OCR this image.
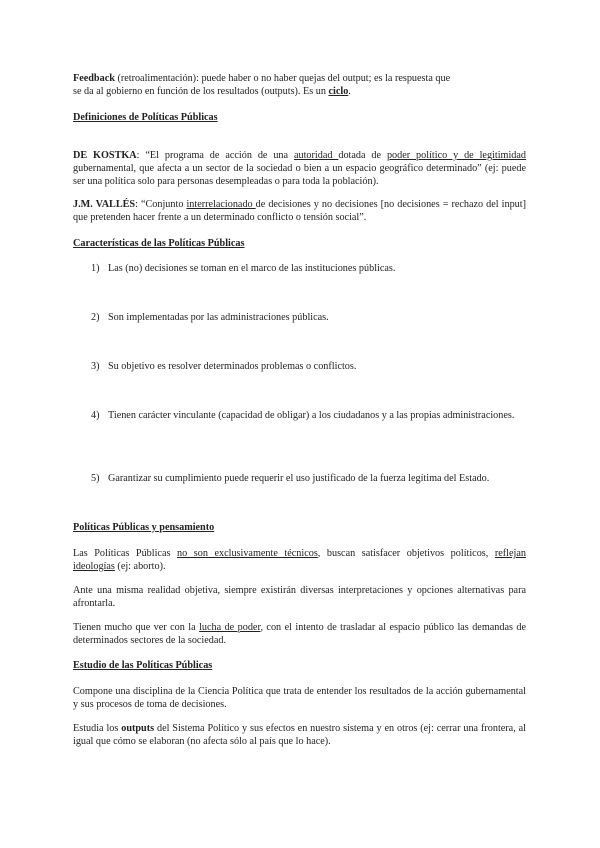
Feedback (retroalimentación): puede haber o no haber quejas del output; es la respuesta que
se da al gobierno en función de los resultados (outputs). Es un ciclo.
Definiciones de Políticas Públicas
DE KOSTKA: “El programa de acción de una autoridad dotada de poder político y de legitimidad gubernamental, que afecta a un sector de la sociedad o bien a un espacio geográfico determinado” (ej: puede ser una política solo para personas desempleadas o para toda la población).
J.M. VALLÉS: “Conjunto interrelacionado de decisiones y no decisiones [no decisiones = rechazo del input] que pretenden hacer frente a un determinado conflicto o tensión social”.
Características de las Políticas Públicas
1) Las (no) decisiones se toman en el marco de las instituciones públicas.
2) Son implementadas por las administraciones públicas.
3) Su objetivo es resolver determinados problemas o conflictos.
4) Tienen carácter vinculante (capacidad de obligar) a los ciudadanos y a las propias administraciones.
5) Garantizar su cumplimiento puede requerir el uso justificado de la fuerza legítima del Estado.
Políticas Públicas y pensamiento
Las Políticas Públicas no son exclusivamente técnicos, buscan satisfacer objetivos políticos, reflejan ideologías (ej: aborto).
Ante una misma realidad objetiva, siempre existirán diversas interpretaciones y opciones alternativas para afrontarla.
Tienen mucho que ver con la lucha de poder, con el intento de trasladar al espacio público las demandas de determinados sectores de la sociedad.
Estudio de las Políticas Públicas
Compone una disciplina de la Ciencia Política que trata de entender los resultados de la acción gubernamental y sus procesos de toma de decisiones.
Estudia los outputs del Sistema Político y sus efectos en nuestro sistema y en otros (ej: cerrar una frontera, al igual que cómo se elaboran (no afecta sólo al país que lo hace).
